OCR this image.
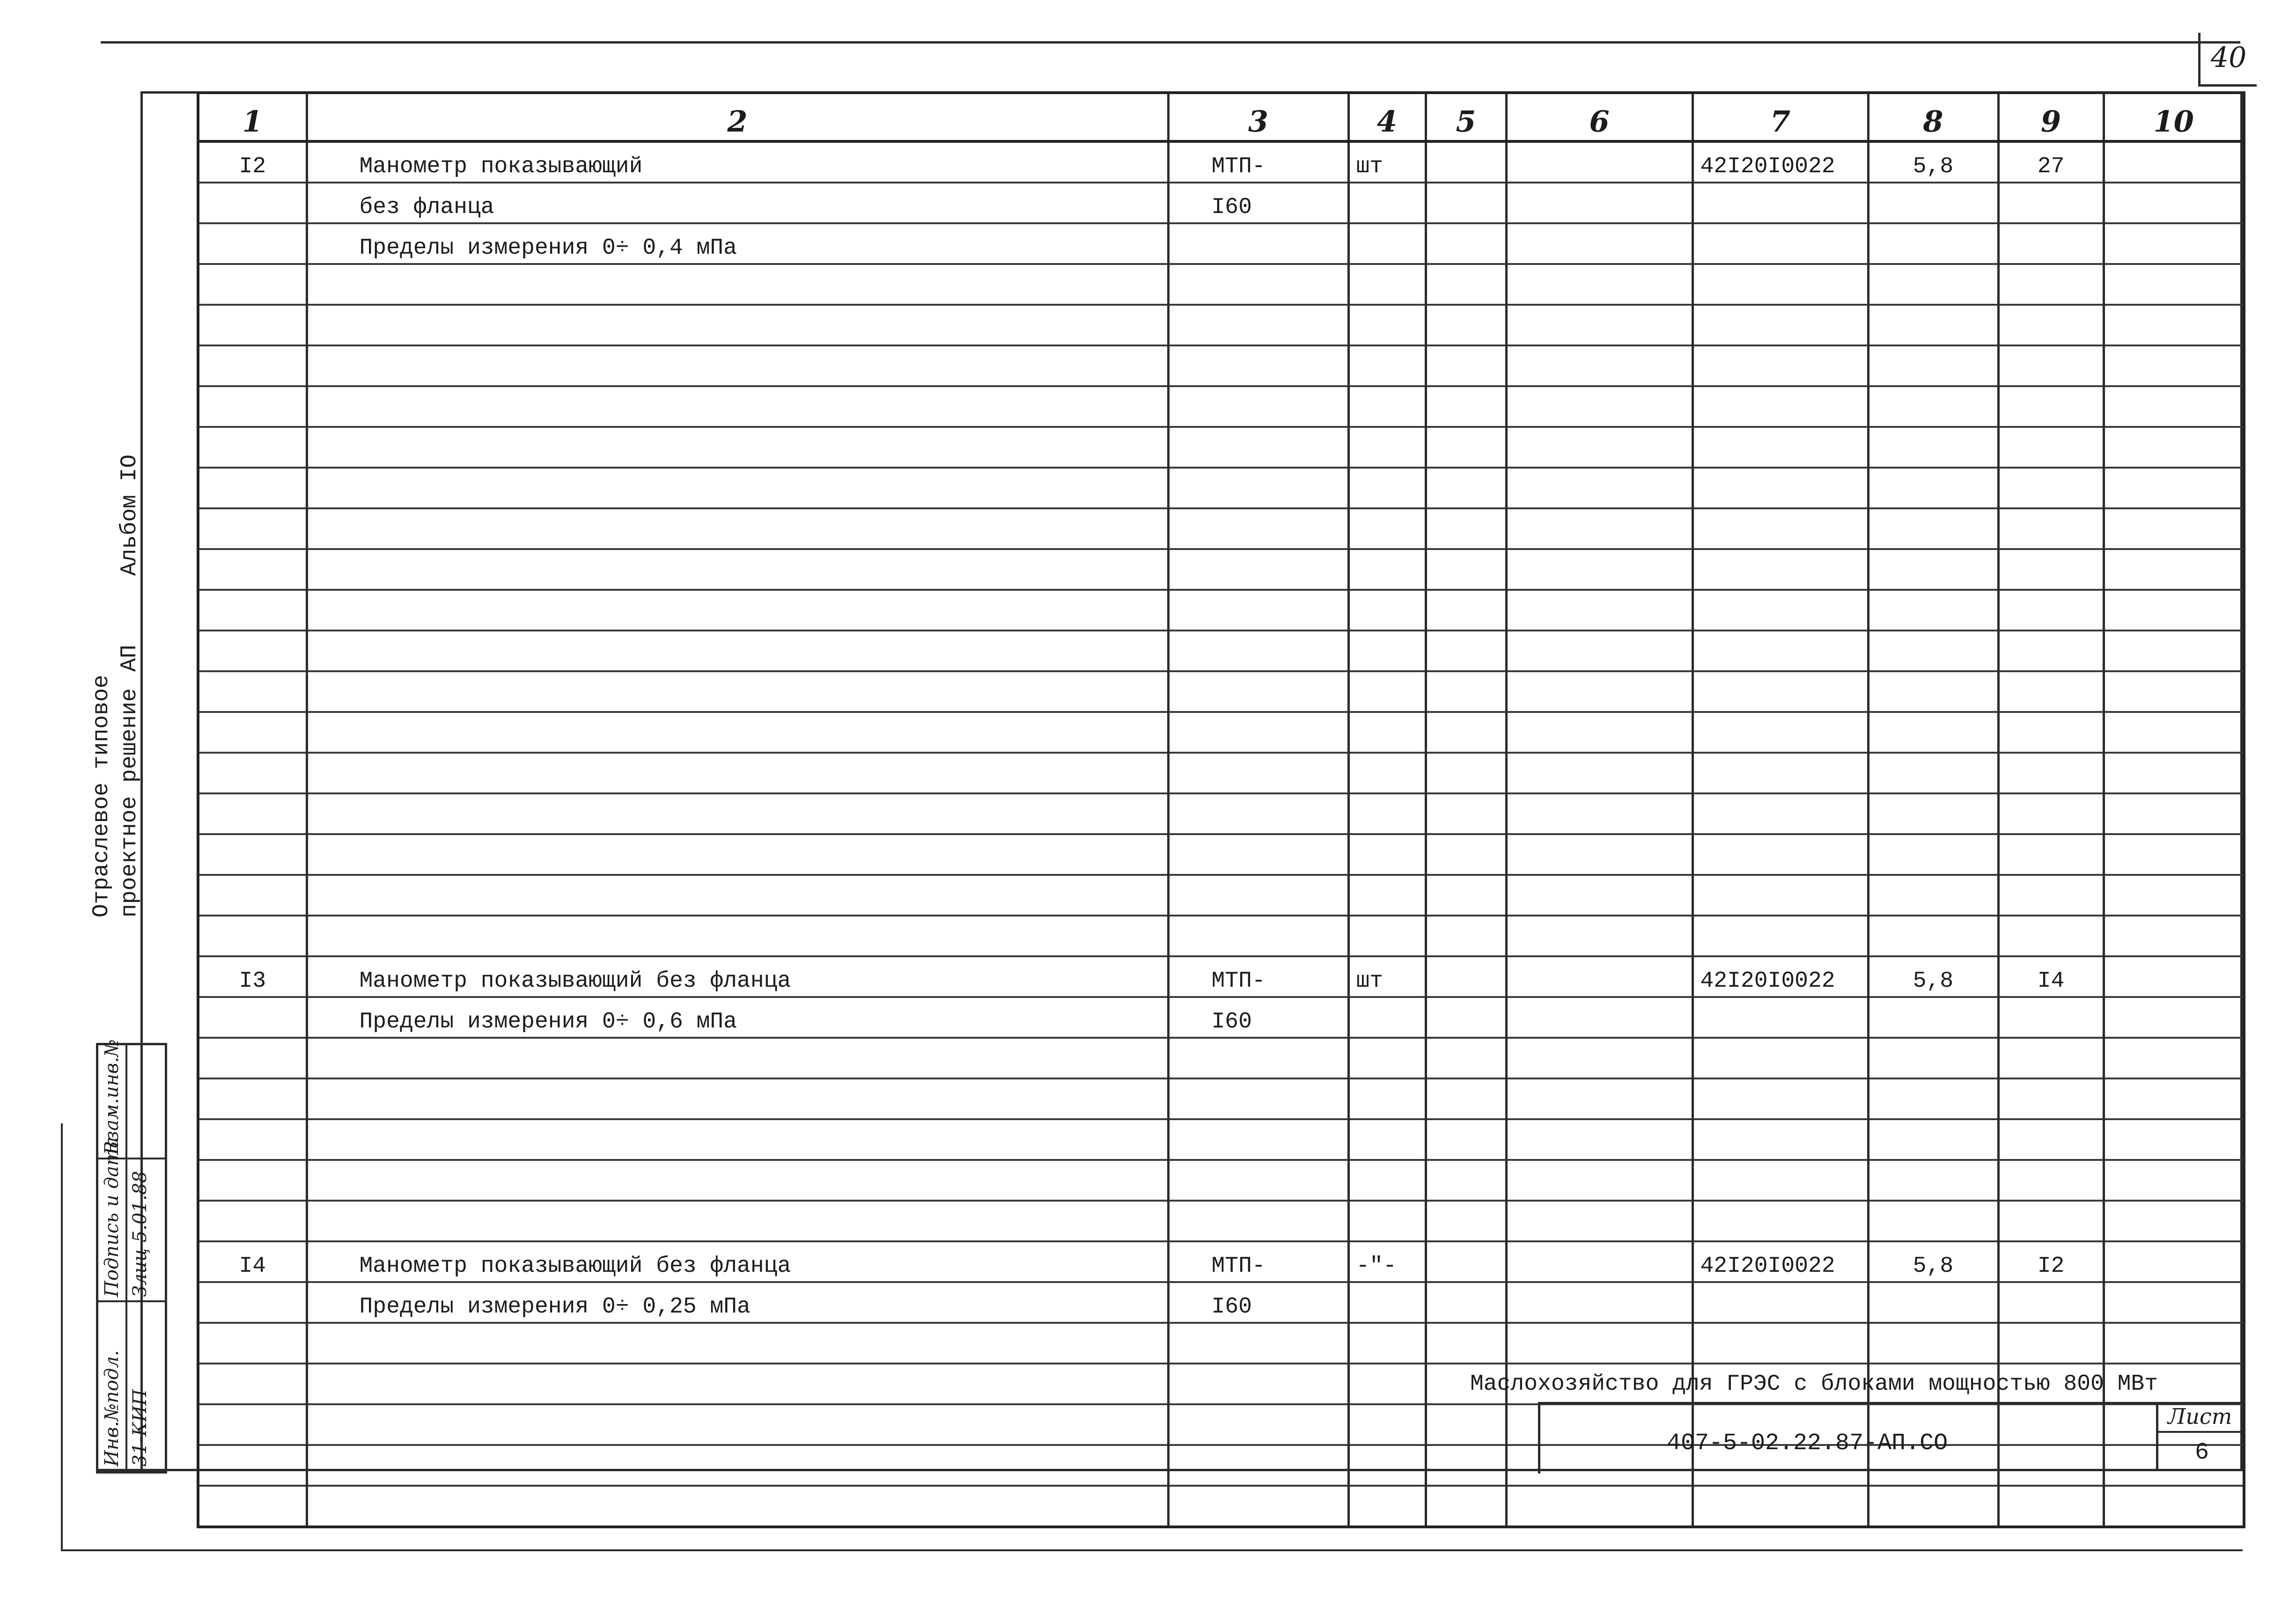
40
Отраслевое типовое проектное решение
АП
Альбом IO
Инв.№подл. 31-КИП
Подпись и дата Злиц 5.01.88
Взам.инв.№
1	2	3	4	5	6	7	8	9	10
I2	Манометр показывающий	МТП-	шт			42I20I0022	5,8	27	
	без фланца	I60							
	Пределы измерения 0÷ 0,4 мПа								

I3	Манометр показывающий без фланца	МТП-	шт			42I20I0022	5,8	I4	
	Пределы измерения 0÷ 0,6 мПа	I60							

I4	Манометр показывающий без фланца	МТП-	-"-			42I20I0022	5,8	I2	
	Пределы измерения 0÷ 0,25 мПа	I60							

Маслохозяйство для ГРЭС с блоками мощностью 800 МВт
407-5-02.22.87-АП.СО
Лист
6
